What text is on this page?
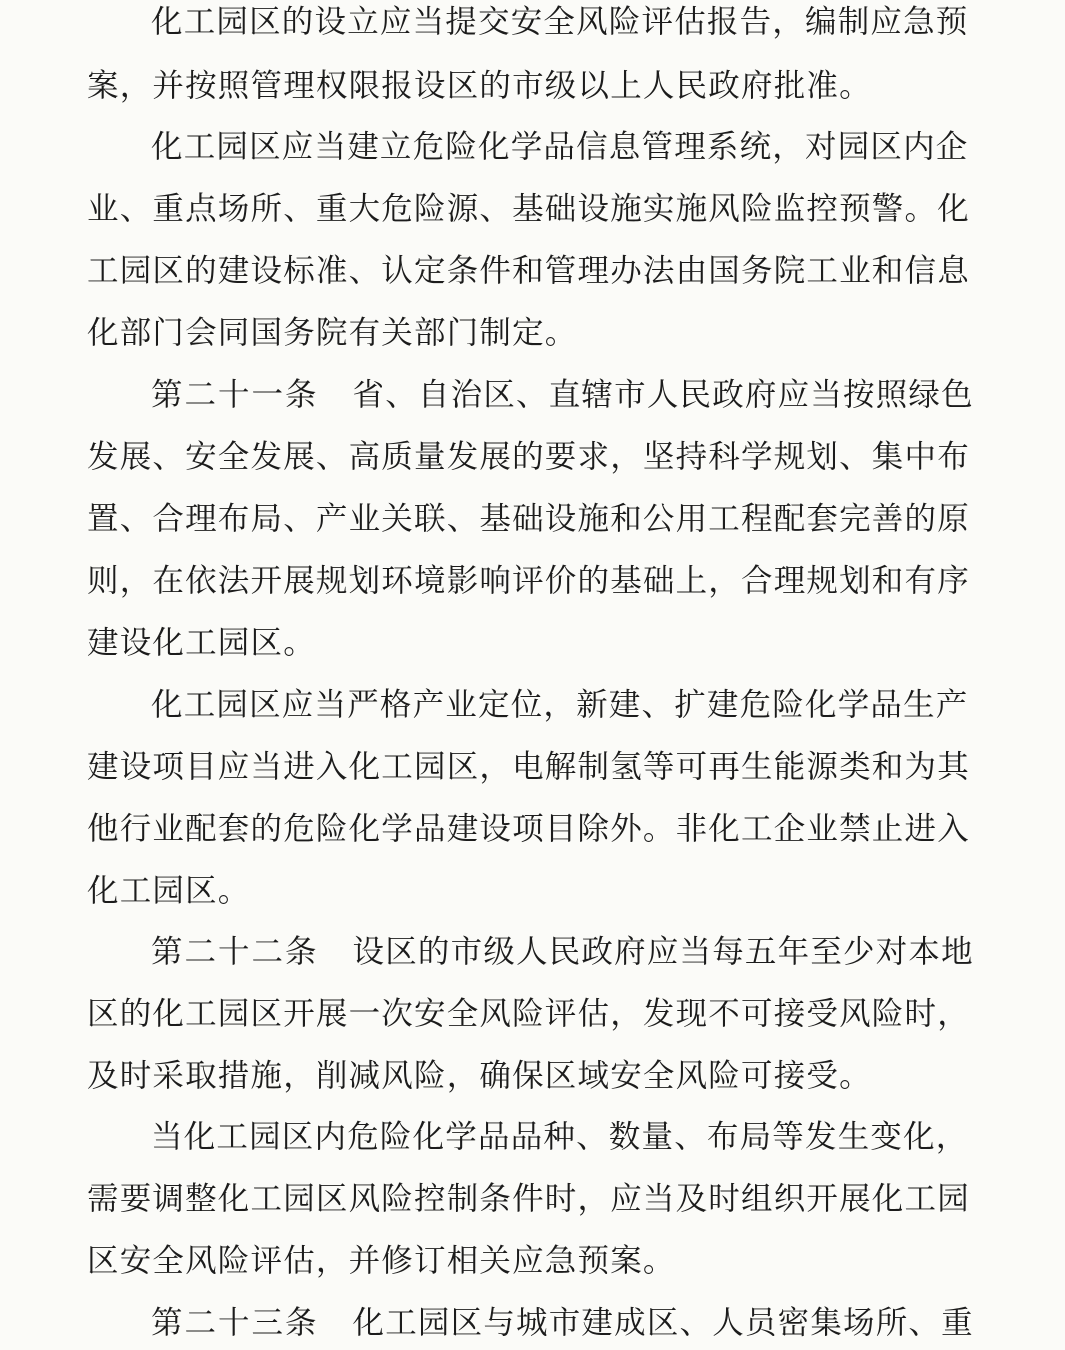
化工园区的设立应当提交安全风险评估报告，编制应急预
案，并按照管理权限报设区的市级以上人民政府批准。
化工园区应当建立危险化学品信息管理系统，对园区内企
业、重点场所、重大危险源、基础设施实施风险监控预警。化
工园区的建设标准、认定条件和管理办法由国务院工业和信息
化部门会同国务院有关部门制定。
第二十一条 省、自治区、直辖市人民政府应当按照绿色
发展、安全发展、高质量发展的要求，坚持科学规划、集中布
置、合理布局、产业关联、基础设施和公用工程配套完善的原
则，在依法开展规划环境影响评价的基础上，合理规划和有序
建设化工园区。
化工园区应当严格产业定位，新建、扩建危险化学品生产
建设项目应当进入化工园区，电解制氢等可再生能源类和为其
他行业配套的危险化学品建设项目除外。非化工企业禁止进入
化工园区。
第二十二条 设区的市级人民政府应当每五年至少对本地
区的化工园区开展一次安全风险评估，发现不可接受风险时，
及时采取措施，削减风险，确保区域安全风险可接受。
当化工园区内危险化学品品种、数量、布局等发生变化，
需要调整化工园区风险控制条件时，应当及时组织开展化工园
区安全风险评估，并修订相关应急预案。
第二十三条 化工园区与城市建成区、人员密集场所、重
